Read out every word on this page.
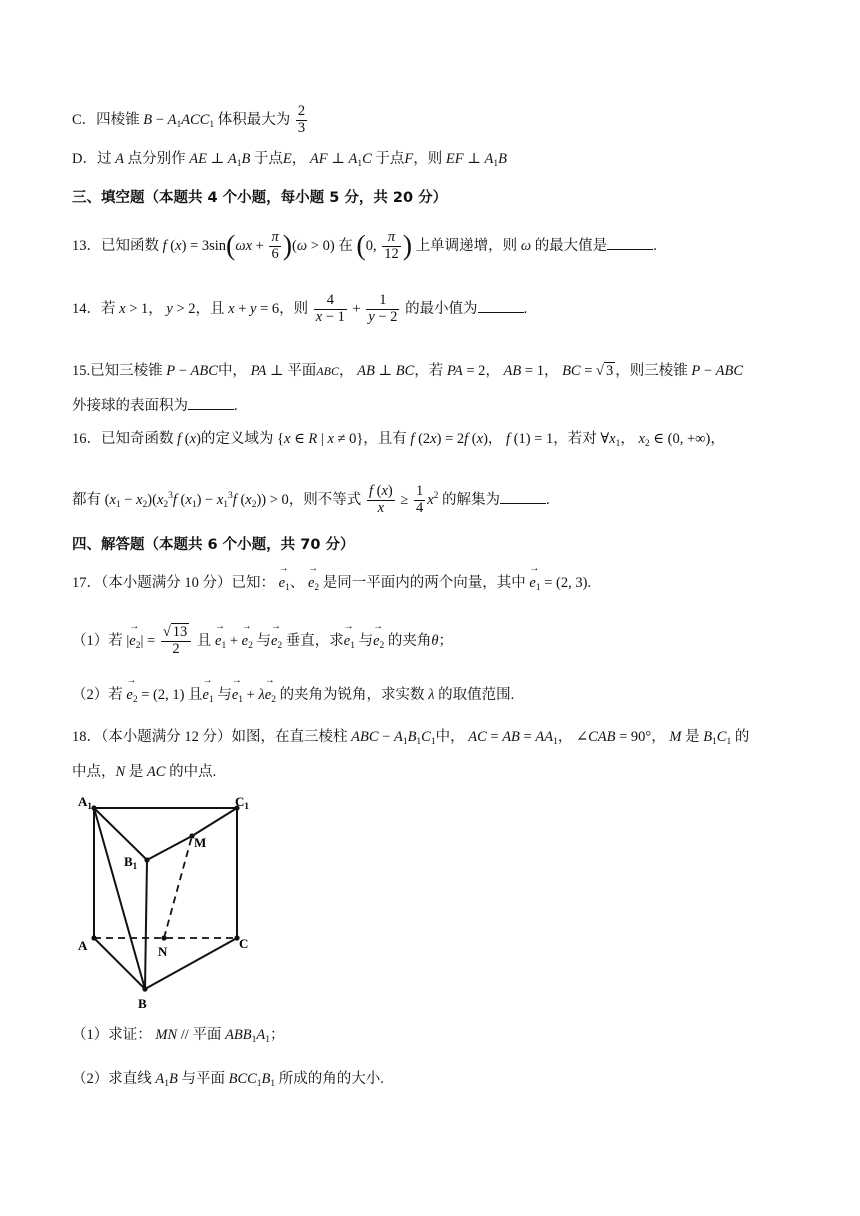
C．四棱锥 $B - A_1ACC_1$ 体积最大为 $\frac{2}{3}$
D．过 A 点分别作 AE ⊥ $A_1B$ 于点E， AF ⊥ $A_1C$ 于点F，则 EF ⊥ $A_1B$
三、填空题（本题共 4 个小题，每小题 5 分，共 20 分）
13．已知函数 f $(x) = 3\sin(\omega x + \frac{\pi}{6} )(\omega > 0)$ 在 (0, $\frac{\pi}{12}$ ) 上单调递增，则 ω 的最大值是	.
14．若 x > 1， y > 2，且 x + y = 6，则 $\frac{4}{x - 1} + \frac{1}{y - 2}$ 的最小值为	.
15.已知三棱锥 P − ABC中， PA ⊥ 平面ABC， AB ⊥ BC，若 PA = 2， AB = 1， BC = √ 3 ，则三棱锥 P − ABC
外接球的表面积为	.
16．已知奇函数 f (x)的定义域为 {x ∈ R | x ≠ 0}，且有 f (2x) = 2f (x)， f (1) = 1，若对 $\forall x_1$， $x_2$ ∈ (0, +∞)，
都有 $(x_1 - x_2)(x_2^3f$ $(x_1) - x_1^3f$ $(x_2)) > 0$，则不等式 $\frac{f (x)}{x} \ge \frac{1}{4} x^2$ 的解集为	.
四、解答题（本题共 6 个小题，共 70 分）
17．（本小题满分 10 分）已知： → $e_1$、 → $e_2$ 是同一平面内的两个向量，其中 → $e_1 = (2$, 3).
（1）若 |→ $e_2| = \frac{√ 13}{2}$ 且 → $e_1$ + → $e_2$ 与→ $e_2$ 垂直，求→ $e_1$ 与→ $e_2$ 的夹角θ；
（2）若 → $e_2 = (2$, 1) 且→ $e_1$ 与→ $e_1 + \lambda\to e_2$ 的夹角为锐角，求实数 λ 的取值范围.
18．（本小题满分 12 分）如图，在直三棱柱 ABC − $A_1B_1C_1$中， AC = AB = $AA_1$， ∠CAB = 90°， M 是 $B_1C_1$ 的
中点，N 是 AC 的中点.
$A_1$	$C_1$
$B_1$
M
A	N
C
B
（1）求证： MN // 平面 $ABB_1A_1$；
（2）求直线 $A_1B$ 与平面 $BCC_1B_1$ 所成的角的大小.
